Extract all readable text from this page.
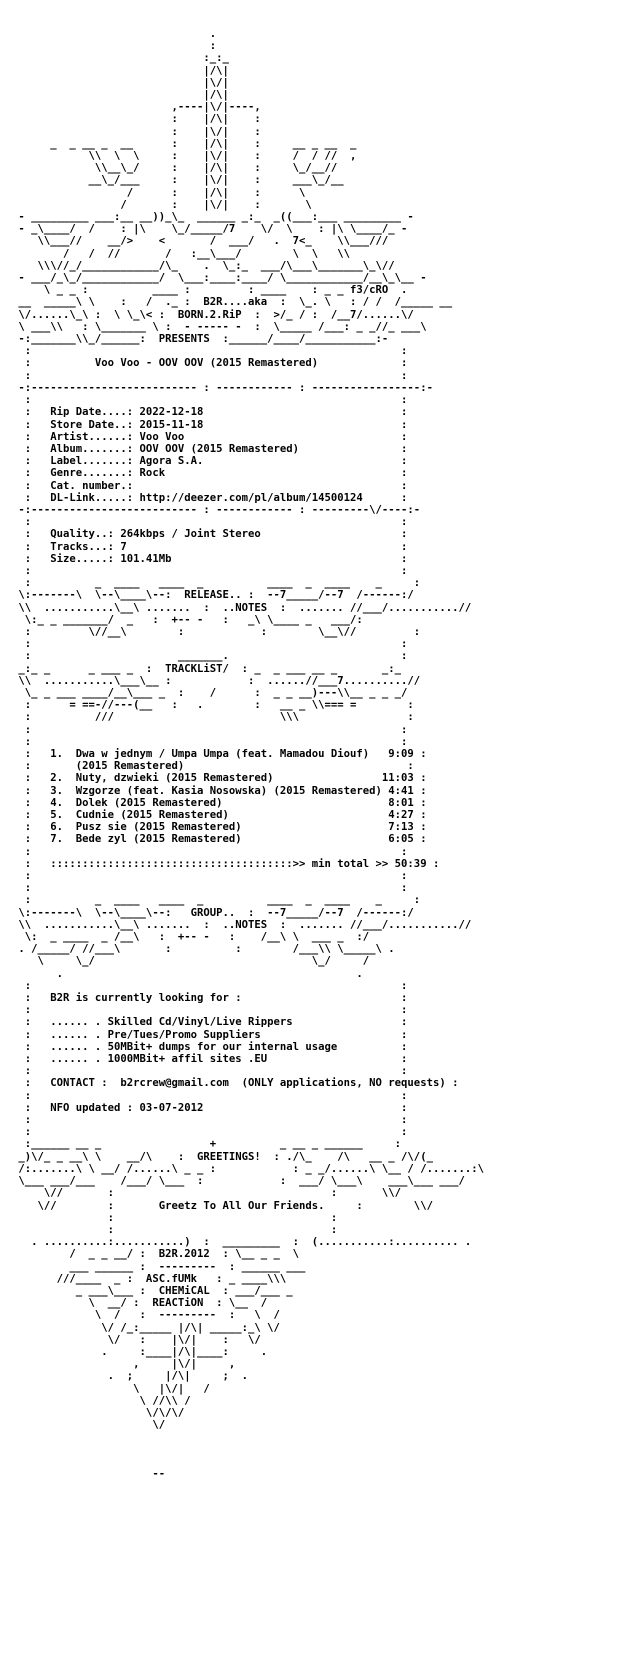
.
:
:_:_
|/\|
|\/|
|/\|
,----|\/|----,
:    |/\|    :
:    |\/|    :
_  _ __ _  __      :    |/\|    :     __ _ __  _
\\  \  \     :    |\/|    :     /  / //  ,
\\__\_/     :    |/\|    :     \_/__//
__\_/___     :    |\/|    :     ___\_/__
/      :    |/\|    :      \
/       :    |\/|    :       \
- _________ ___:__ __))_\_  ______ _:_  _((___:___ _________ -
- _\____/  /    : |\    \_/_____/7    \/  \    : |\ \____/_ -
\\___//    __/>    <       /  ___/   .  7<_    \\___///
/   /  //       /   :__\___/        \  \   \\
\\\//_/____________/\_    .  \_:_  ___/\___\_______\_\//
- ___/_\_/____________/  \___:____:____/ \____________/__\_\__ -
\ _ _ :          ____ :         : ____    : _ _ f3/cRO  .
__  _____\ \    :   /  ._ :  B2R....aka  :  \_. \   : / /  /_____ __
\/......\_\ :  \ \_\< :  BORN.2.RiP  :  >/_ / :  /__7/......\/
\ ___\\   : \_______ \ :  - ----- -  :  \_____ /___: _ _//_ ___\
-:_______\\_/______:  PRESENTS  :______/____/___________:-
:                                                          :
:          Voo Voo - OOV OOV (2015 Remastered)             :
:                                                          :
-:-------------------------- : ------------ : -----------------:-
:                                                          :
:   Rip Date....: 2022-12-18                               :
:   Store Date..: 2015-11-18                               :
:   Artist......: Voo Voo                                  :
:   Album.......: OOV OOV (2015 Remastered)                :
:   Label.......: Agora S.A.                               :
:   Genre.......: Rock                                     :
:   Cat. number.:                                          :
:   DL-Link.....: http://deezer.com/pl/album/14500124      :
-:-------------------------- : ------------ : ---------\/----:-
:                                                          :
:   Quality..: 264kbps / Joint Stereo                      :
:   Tracks...: 7                                           :
:   Size.....: 101.41Mb                                    :
:                                                          :
:          _  ____   ____  _          ____  _  ____    _     :
\:-------\  \--\____\--:  RELEASE.. :  --7_____/--7  /------:/
\\  ...........\__\ .......  :  ..NOTES  :  ....... //___/...........//
\:_ _ _______/  _   :  +-- -   :   _\ \____ _   ___/:
:         \//__\        :            :        \__\//         :
:                                                          :
:                       _______.                           :
_:_ _      _ ___ _  :  TRACKLiST/  : _  _ ___ __ _       _:_
\\  ...........\___\__ :            :  ......//___7..........//
\_ _ ___ ____/__\___ _  :    /      :  _ _ __)---\\__ _ _ _/
:      = ==-//---(__   :   .        :   __ _ \\=== =        :
:          ///                          \\\                 :
:                                                          :
:                                                          :
:   1.  Dwa w jednym / Umpa Umpa (feat. Mamadou Diouf)   9:09 :
:       (2015 Remastered)                                   :
:   2.  Nuty, dzwieki (2015 Remastered)                 11:03 :
:   3.  Wzgorze (feat. Kasia Nosowska) (2015 Remastered) 4:41 :
:   4.  Dolek (2015 Remastered)                          8:01 :
:   5.  Cudnie (2015 Remastered)                         4:27 :
:   6.  Pusz sie (2015 Remastered)                       7:13 :
:   7.  Bede zyl (2015 Remastered)                       6:05 :
:                                                          :
:   ::::::::::::::::::::::::::::::::::::::>> min total >> 50:39 :
:                                                          :
:                                                          :
:          _  ____   ____  _          ____  _  ____    _     :
\:-------\  \--\____\--:   GROUP..  :  --7_____/--7  /------:/
\\  ...........\__\ .......  :  ..NOTES  :  ....... //___/...........//
\:  _ ____  _ /__\   :  +-- -   :    /__\ \  ___ _  :/
. /_____/ //___\       :          :        /___\\ \_____\ .
\     \_/                                  \_/     /
.                                              .
:                                                          :
:   B2R is currently looking for :                         :
:                                                          :
:   ...... . Skilled Cd/Vinyl/Live Rippers                 :
:   ...... . Pre/Tues/Promo Suppliers                      :
:   ...... . 50MBit+ dumps for our internal usage          :
:   ...... . 1000MBit+ affil sites .EU                     :
:                                                          :
:   CONTACT :  b2rcrew@gmail.com  (ONLY applications, NO requests) :
:                                                          :
:   NFO updated : 03-07-2012                               :
:                                                          :
:                                                          :
:______ __ _                 +          _ __ _ ______     :
_)\/_ _ __\ \    __/\    :  GREETINGS!  : ./\_    /\   __ _ /\/(_
/:.......\ \ __/ /......\ _ _ :            : _ _/......\ \__ / /.......:\
\___ ___/___    /___/ \___  :            :  ___/ \___\    ___\___ ___/
\//       :                                  :       \\/
\//        :       Greetz To All Our Friends.     :        \\/
:                                  :
:                                  :
. ..........:...........)  :  _________  :  (...........:.......... .
/  _ _ __/ :  B2R.2012  : \__ _ _  \
___ ______ :  ---------  : ______ ___
///____  _ :  ASC.fUMk   : _ ____\\\
_ ___\___ :  CHEMiCAL  : ___/___ _
\  __/ :  REACTiON  : \__  /
\  /   :  ---------  :   \  /
\/ /_:_____ |/\| _____:_\ \/
\/   :    |\/|    :   \/
.     :____|/\|____:     .
,     |\/|     ,
.  ;     |/\|     ;  .
\   |\/|   /
\ //\\ /
\/\/\/
\/

--
